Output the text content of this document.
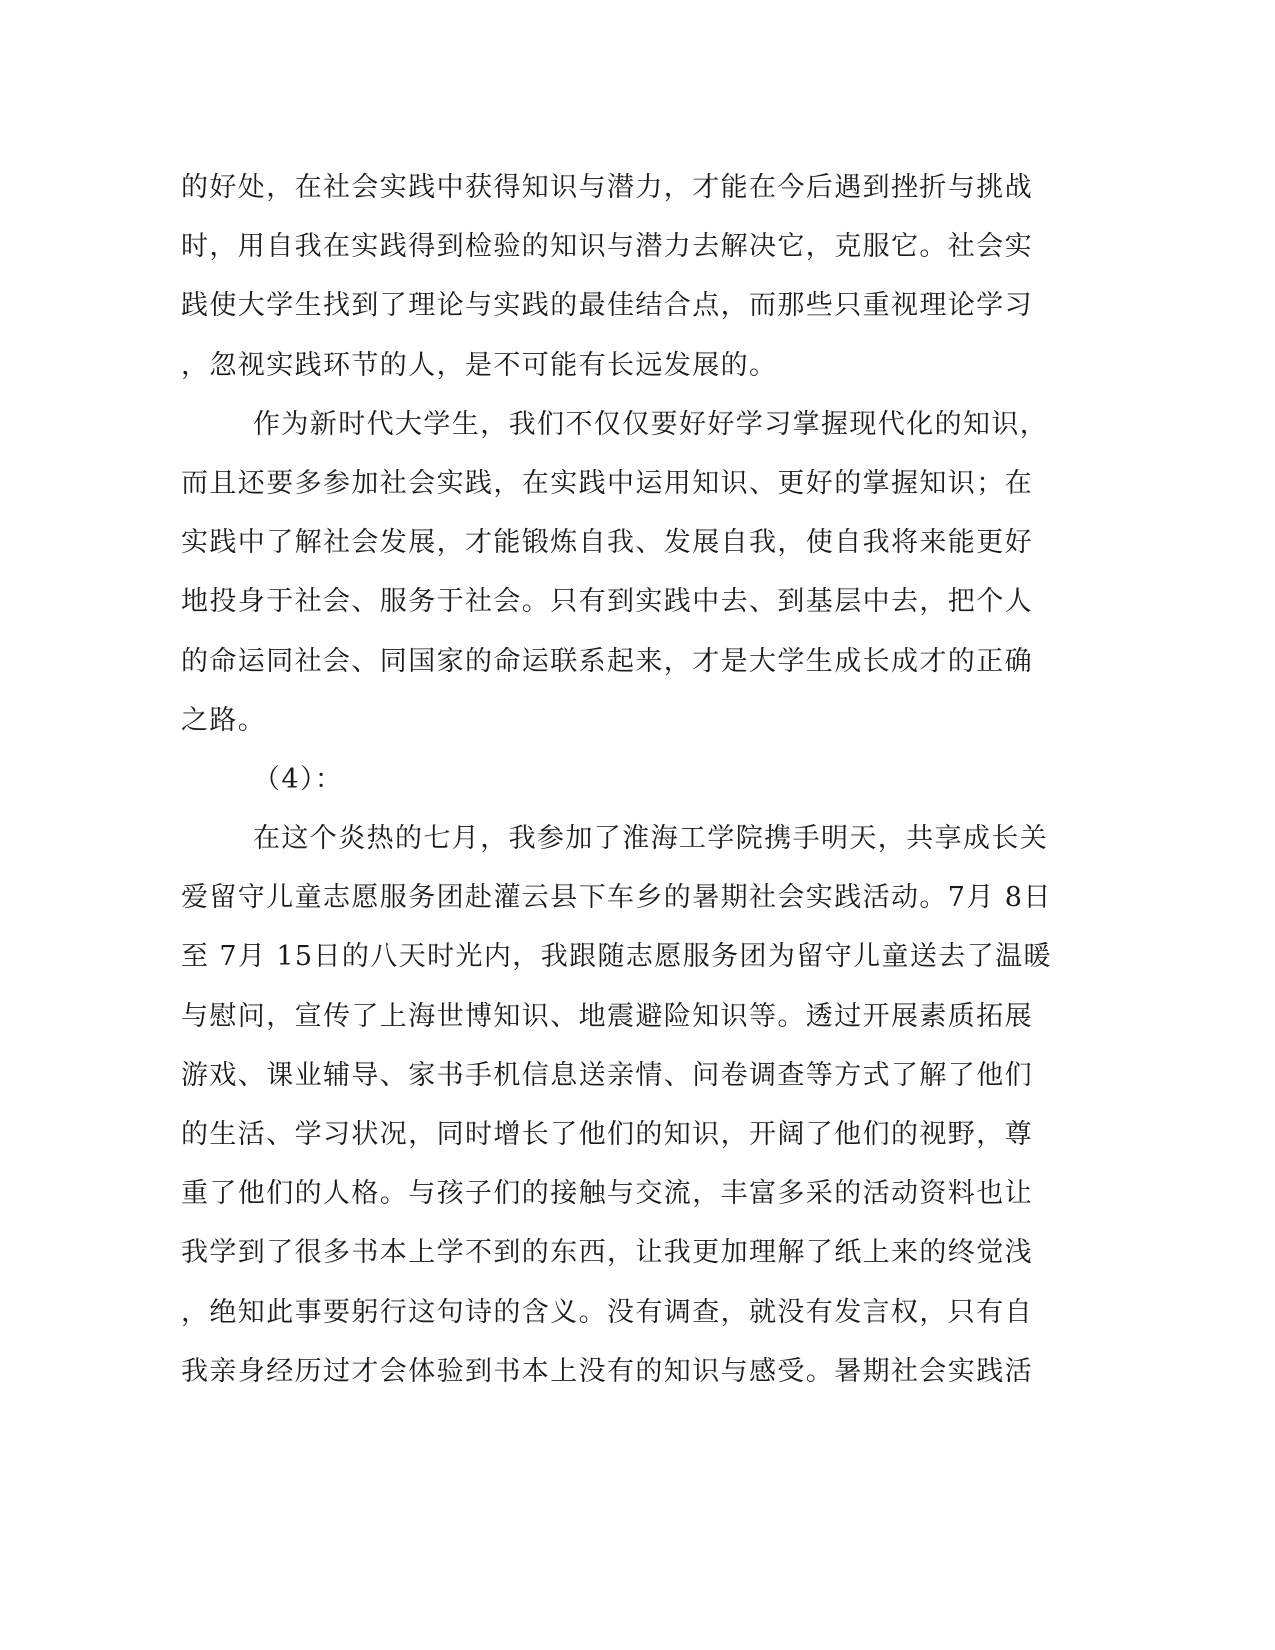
的好处，在社会实践中获得知识与潜力，才能在今后遇到挫折与挑战
时，用自我在实践得到检验的知识与潜力去解决它，克服它。社会实
践使大学生找到了理论与实践的最佳结合点，而那些只重视理论学习
，忽视实践环节的人，是不可能有长远发展的。
作为新时代大学生，我们不仅仅要好好学习掌握现代化的知识，
而且还要多参加社会实践，在实践中运用知识、更好的掌握知识；在
实践中了解社会发展，才能锻炼自我、发展自我，使自我将来能更好
地投身于社会、服务于社会。只有到实践中去、到基层中去，把个人
的命运同社会、同国家的命运联系起来，才是大学生成长成才的正确
之路。
（4）：
在这个炎热的七月，我参加了淮海工学院携手明天，共享成长关
爱留守儿童志愿服务团赴灌云县下车乡的暑期社会实践活动。7月 8日
至 7月 15日的八天时光内，我跟随志愿服务团为留守儿童送去了温暖
与慰问，宣传了上海世博知识、地震避险知识等。透过开展素质拓展
游戏、课业辅导、家书手机信息送亲情、问卷调查等方式了解了他们
的生活、学习状况，同时增长了他们的知识，开阔了他们的视野，尊
重了他们的人格。与孩子们的接触与交流，丰富多采的活动资料也让
我学到了很多书本上学不到的东西，让我更加理解了纸上来的终觉浅
，绝知此事要躬行这句诗的含义。没有调查，就没有发言权，只有自
我亲身经历过才会体验到书本上没有的知识与感受。暑期社会实践活
